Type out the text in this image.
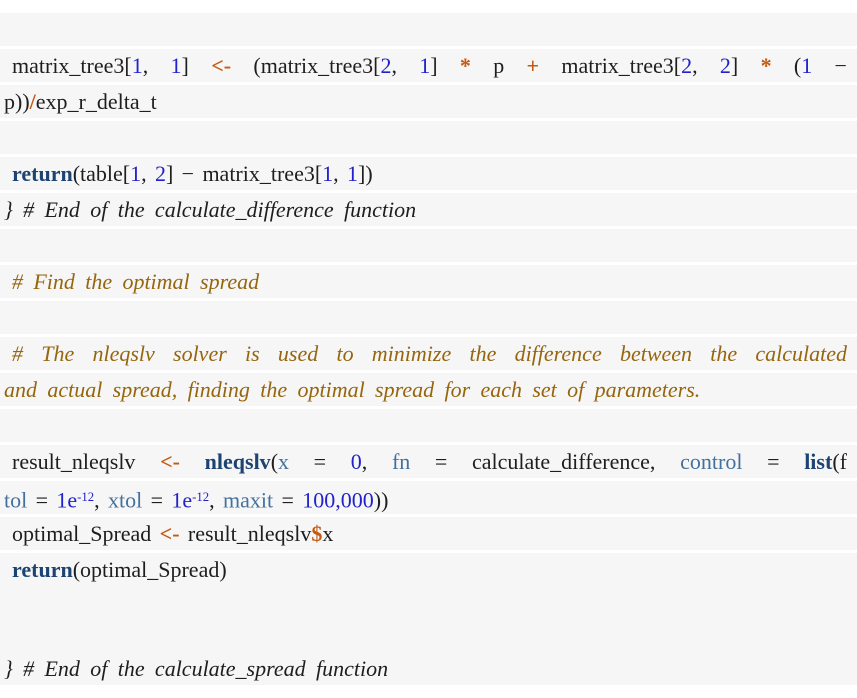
matrix_tree3[1, 1] <- (matrix_tree3[2, 1] * p + matrix_tree3[2, 2] * (1 −
p))/exp_r_delta_t
return(table[1, 2] − matrix_tree3[1, 1])
} # End of the calculate_difference function
# Find the optimal spread
# The nleqslv solver is used to minimize the difference between the calculated
and actual spread, finding the optimal spread for each set of parameters.
result_nleqslv <- nleqslv(x = 0, fn = calculate_difference, control = list(f
tol = $1e^{-12}$, xtol = $1e^{-12}$, maxit = 100,000))
optimal_Spread <- result_nleqslv$x
return(optimal_Spread)
} # End of the calculate_spread function
